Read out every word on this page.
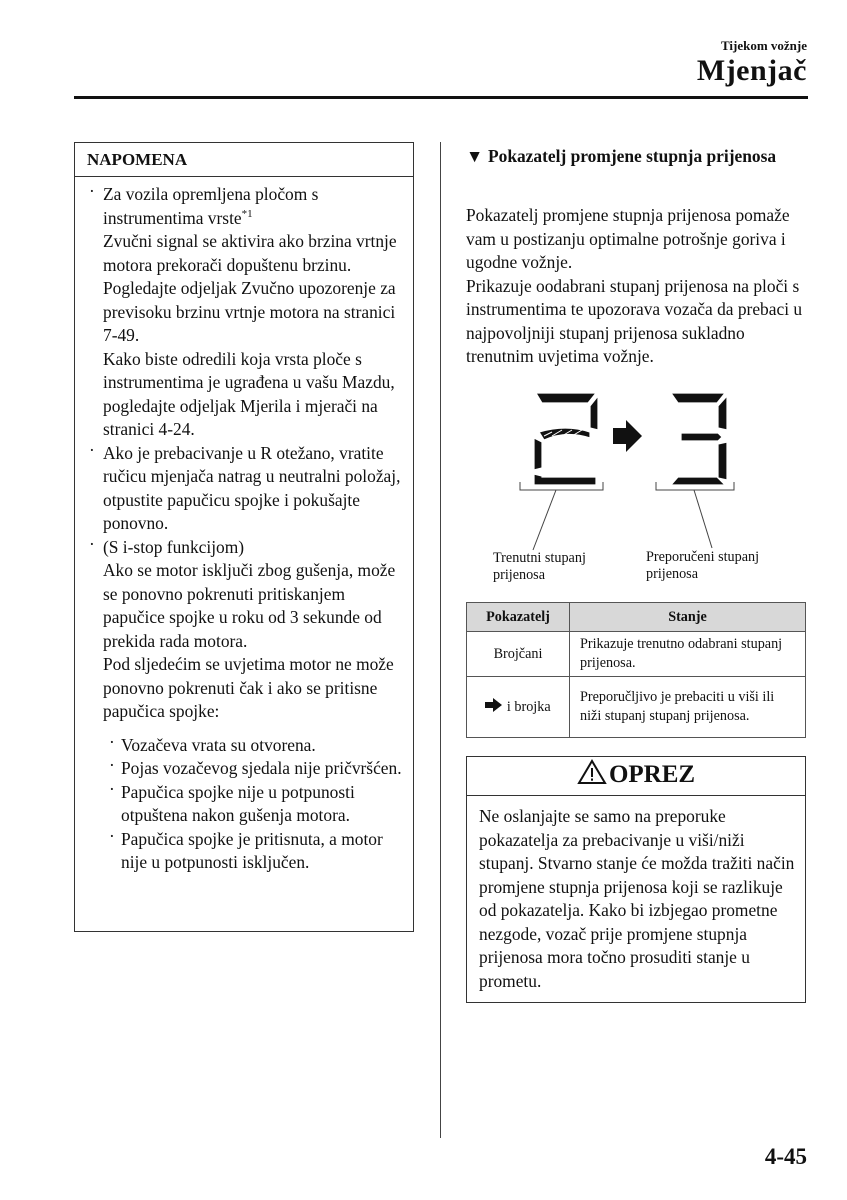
Tijekom vožnje
Mjenjač
NAPOMENA
· Za vozila opremljena pločom s instrumentima vrste$^{*1}$

Zvučni signal se aktivira ako brzina vrtnje motora prekorači dopuštenu brzinu.

Pogledajte odjeljak Zvučno upozorenje za previsoku brzinu vrtnje motora na stranici 7-49.

Kako biste odredili koja vrsta ploče s instrumentima je ugrađena u vašu Mazdu, pogledajte odjeljak Mjerila i mjerači na stranici 4-24.

· Ako je prebacivanje u R otežano, vratite ručicu mjenjača natrag u neutralni položaj, otpustite papučicu spojke i pokušajte ponovno.

· (S i-stop funkcijom)

Ako se motor isključi zbog gušenja, može se ponovno pokrenuti pritiskanjem papučice spojke u roku od 3 sekunde od prekida rada motora.

Pod sljedećim se uvjetima motor ne može ponovno pokrenuti čak i ako se pritisne papučica spojke:

· Vozačeva vrata su otvorena.
· Pojas vozačevog sjedala nije pričvršćen.
· Papučica spojke nije u potpunosti otpuštena nakon gušenja motora.
· Papučica spojke je pritisnuta, a motor nije u potpunosti isključen.
▼ Pokazatelj promjene stupnja prijenosa

Pokazatelj promjene stupnja prijenosa pomaže vam u postizanju optimalne potrošnje goriva i ugodne vožnje.

Prikazuje oodabrani stupanj prijenosa na ploči s instrumentima te upozorava vozača da prebaci u najpovoljniji stupanj prijenosa sukladno trenutnim uvjetima vožnje.

Trenutni stupanj
prijenosa
Preporučeni stupanj
prijenosa
Pokazatelj	Stanje
Brojčani	Prikazuje trenutno odabrani stupanj prijenosa.
i brojka	Preporučljivo je prebaciti u viši ili niži stupanj stupanj prijenosa.
OPREZ
Ne oslanjajte se samo na preporuke pokazatelja za prebacivanje u viši/niži stupanj. Stvarno stanje će možda tražiti način promjene stupnja prijenosa koji se razlikuje od pokazatelja. Kako bi izbjegao prometne nezgode, vozač prije promjene stupnja prijenosa mora točno prosuditi stanje u prometu.
4-45
